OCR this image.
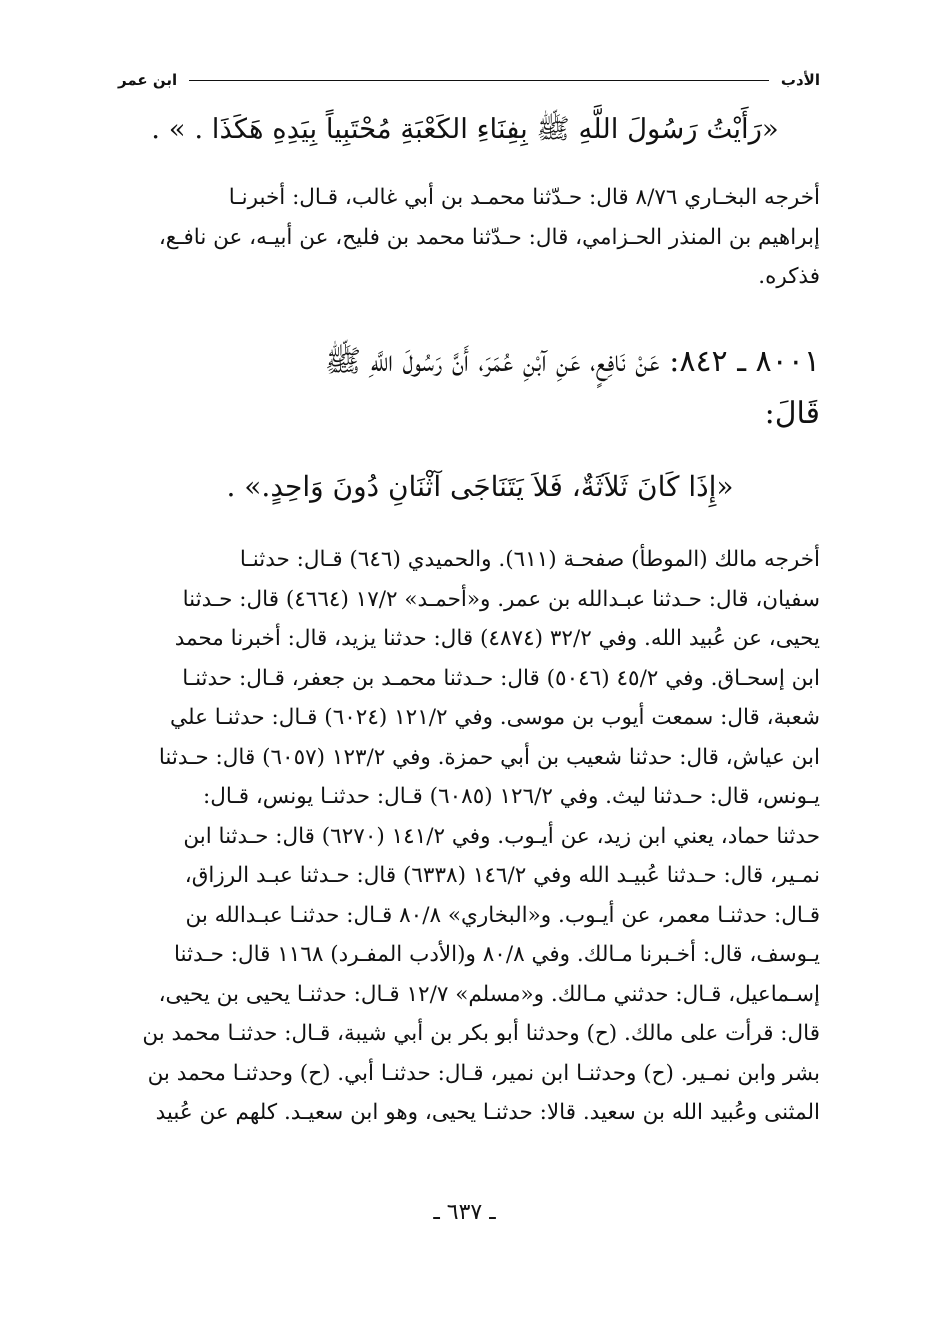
الأدب
ابن عمر
«رَأَيْتُ رَسُولَ اللَّهِ ﷺ بِفِنَاءِ الكَعْبَةِ مُحْتَبِياً بِيَدِهِ هَكَذَا . » .
أخرجه البخـاري ٨/٧٦ قال: حـدّثنا محمـد بن أبي غالب، قـال: أخبرنـا
إبراهيم بن المنذر الحـزامي، قال: حـدّثنا محمد بن فليح، عن أبيـه، عن نافـع،
فذكره.
٨٠٠١ ـ ٨٤٢: عَنْ نَافِعٍ، عَنِ آبْنِ عُمَرَ، أَنَّ رَسُولَ اللَّهِ ﷺ
قَالَ:
«إِذَا كَانَ ثَلاَثَةٌ، فَلاَ يَتَنَاجَى آثْنَانِ دُونَ وَاحِدٍ.» .
أخرجه مالك (الموطأ) صفحـة (٦١١). والحميدي (٦٤٦) قـال: حدثنـا
سفيان، قال: حـدثنا عبـدالله بن عمر. و«أحمـد» ١٧/٢ (٤٦٦٤) قال: حـدثنا
يحيى، عن عُبيد الله. وفي ٣٢/٢ (٤٨٧٤) قال: حدثنا يزيد، قال: أخبرنا محمد
ابن إسحـاق. وفي ٤٥/٢ (٥٠٤٦) قال: حـدثنا محمـد بن جعفر، قـال: حدثنـا
شعبة، قال: سمعت أيوب بن موسى. وفي ١٢١/٢ (٦٠٢٤) قـال: حدثنـا علي
ابن عياش، قال: حدثنا شعيب بن أبي حمزة. وفي ١٢٣/٢ (٦٠٥٧) قال: حـدثنا
يـونس، قال: حـدثنا ليث. وفي ١٢٦/٢ (٦٠٨٥) قـال: حدثنـا يونس، قـال:
حدثنا حماد، يعني ابن زيد، عن أيـوب. وفي ١٤١/٢ (٦٢٧٠) قال: حـدثنا ابن
نمـير، قال: حـدثنا عُبيـد الله وفي ١٤٦/٢ (٦٣٣٨) قال: حـدثنا عبـد الرزاق،
قـال: حدثنـا معمر، عن أيـوب. و«البخاري» ٨٠/٨ قـال: حدثنـا عبـدالله بن
يـوسف، قال: أخـبرنا مـالك. وفي ٨٠/٨ و(الأدب المفـرد) ١١٦٨ قال: حـدثنا
إسـماعيل، قـال: حدثني مـالك. و«مسلم» ١٢/٧ قـال: حدثنـا يحيى بن يحيى،
قال: قرأت على مالك. (ح) وحدثنا أبو بكر بن أبي شيبة، قـال: حدثنـا محمد بن
بشر وابن نمـير. (ح) وحدثنـا ابن نمير، قـال: حدثنـا أبي. (ح) وحدثنـا محمد بن
المثنى وعُبيد الله بن سعيد. قالا: حدثنـا يحيى، وهو ابن سعيـد. كلهم عن عُبيد
ـ ٦٣٧ ـ
